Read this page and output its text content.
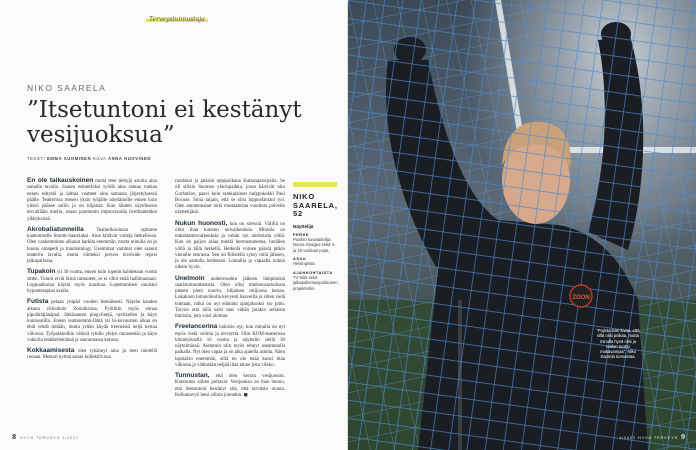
Terveystunnustaja
NIKO SAARELA
”Itsetuntoni ei kestänyt vesijuoksua”
TEKSTI EMMA SUOMINEN KUVA ANNA HUOVINEN

En ole taikauskoinen mutta teen tiettyjä asioita aina samalla tavalla. Saatan esimerkiksi syödä aina samaa ruokaa ennen esitystä ja laittaa vaatteet aina samassa järjestyksessä päälle. Teatterissa menen yksin tyhjälle näyttämölle ennen kuin yleisö pääsee saliin ja on hiljaista. Kun lähden näytökseen tervaillään mielin, osaan paremmin improvisoida livetilanteiden yllätyksissä.

Akrobatiatunneilla	Teatterikoulussa opimme kaatumiselle Stuntti-Saarelaksi. Aina kiitävät voiteja hetkellessä. Olen vanhemmiten alkanut harkita enemmän, mutta minulla on jo huono omapedi ja traumatologi. Useimmat vammat olen saanut teatterin lavalla, mutta viimeksi polven nivelside repesi jalkapallossa.

Tupakoin yli 30 vuotta, ennen kuin lopetin kahdeksan vuotta sitten. Tunnit eivät ikinä tuntuneet, se ei ollut enää hallinnassani. Loppuaikoina käytin myös nuuskaa. Lopettaminen onnistui hypnoterapian avulla.

Futista pelaan ympäri vuoden itsenäisesti. Näytän kauden aikana viikoittain Zooniksissa. Pyörikin myös ennaa pipolättäjänäpnä. Jätkäsaaren pingviinejä, nyrkkeilen ja käyn kuntosalilla. Ennen teatteremmi-lähtä tai hi-kuvausten alkaa en ehdi tehdä mitään, mutta yritän käydä treeneissä neljä kertaa viikossa. Työpaikkoihin välissä ryhdin yhdyn muusenkin ja käyn vakiolla lenkkeilemässä ja saunomassa kotona.

Kokkaamisesta olen tykännyt aina ja teen mielellä ruoaan. Mestari kylmä sanan kollektiivissa

ruoduksi ja jatkoin oppipoikana Kalastajatorpalla. Se oli silloin Suomen ykköspaikka, jossa käivivät niin Gorbatšov, paavi kuin ramkalainen huippukokki Paul Bocuse. Siinä taijain, että se olisi loppuelämäni työ. Olen ammennanut mitä mestaamista vuodesta palvelin näyttelijänä.

Nukun huonosti, kun on stressiä. Välillä on ollut ihan kunnon univaikeuksia. Minulla on nukahtamisvaikeuksia ja vahän nyt ahdistusta yöllä. Kun on paljon asiaa mieltä hermostuneena, heräilen yöllä ja tällä hetkellä. Hetkellä voinen päästä pitkin vieraille seurassa. Sen on fiilistellä syksy mitä jälkeen, ja ole aamulla herätessä. Lomailla ja vapaalla nukun oikein hyvin.

Unelmoin uudenvuoden jälkeen lämpimistä saaristomuuttamista. Olen ollut mielenosastoilusta pienen pieni nuorin, hiljainen miljoona kertaa. Lokakuun lomaviikolla kevyesti haaveilla ja sitten vielä kohtaan, mikä on nyt elämäni ajanjaksoksi iso juttu. Toivon että tällä saisi taas vähän jotakin sellaista ihmisiin, jota voisi aloittaa.

Freelancerina haluisin nyt, kun minulla on nyt myös vielä voimia ja terveyttä. Olin KOM-teatterissa kiinnityksellä 16 vuotta ja näyttelin siellä 30 näytelmässä. Aiemmin olin myös tehnyt useammalla paikalla. Nyt olen vapaa ja on aika ajatella asioita. Näen lapsiakin enemmän, sillä en ole enää kuusi iltaa viikossa ja vähintään neljää iltaa tänne joka viikko.

Tunnustan, että olen kerran vesijuossut. Kuntoutus siihen poltavat. Vesijuoksu on ihan huono, että itsetuntoni kestänyt sitä, että tarvitsin muuta. Kelluntavyö leesi silloin jonnekin. ◼

NIKO SAARELA, 52
Näyttelijä
PERHE
Puoliso kuvataiteilija Noora Geagea sekä 4- ja 15-vuotiaat pojat.
ASUU
Helsingissä.
AJANKOHTAISTA
TV-töitä sekä jalkapallomaajoukkueen projekteihin.
8 HYVÄ TERVEYS 1/2022
ZOON
”Pojista isän kivaa, että sillä olisi poikaa, mutta minulla hyvä olisi ja taidon tuoksi mukavampia”, Niko Saarela tunnustaa.
1/2022 HYVÄ TERVEYS 9
